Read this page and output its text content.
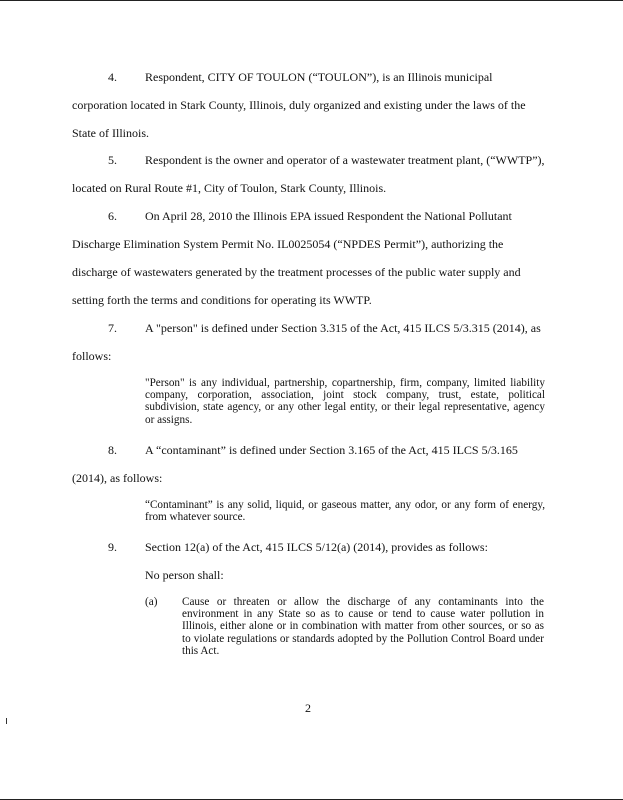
4. Respondent, CITY OF TOULON (“TOULON”), is an Illinois municipal
corporation located in Stark County, Illinois, duly organized and existing under the laws of the
State of Illinois.
5. Respondent is the owner and operator of a wastewater treatment plant, (“WWTP”),
located on Rural Route #1, City of Toulon, Stark County, Illinois.
6. On April 28, 2010 the Illinois EPA issued Respondent the National Pollutant
Discharge Elimination System Permit No. IL0025054 (“NPDES Permit”), authorizing the
discharge of wastewaters generated by the treatment processes of the public water supply and
setting forth the terms and conditions for operating its WWTP.
7. A "person" is defined under Section 3.315 of the Act, 415 ILCS 5/3.315 (2014), as
follows:
"Person" is any individual, partnership, copartnership, firm, company, limited liability company, corporation, association, joint stock company, trust, estate, political subdivision, state agency, or any other legal entity, or their legal representative, agency or assigns.
8. A “contaminant” is defined under Section 3.165 of the Act, 415 ILCS 5/3.165
(2014), as follows:
“Contaminant” is any solid, liquid, or gaseous matter, any odor, or any form of energy, from whatever source.
9. Section 12(a) of the Act, 415 ILCS 5/12(a) (2014), provides as follows:
No person shall:
(a) Cause or threaten or allow the discharge of any contaminants into the environment in any State so as to cause or tend to cause water pollution in Illinois, either alone or in combination with matter from other sources, or so as to violate regulations or standards adopted by the Pollution Control Board under this Act.
2
